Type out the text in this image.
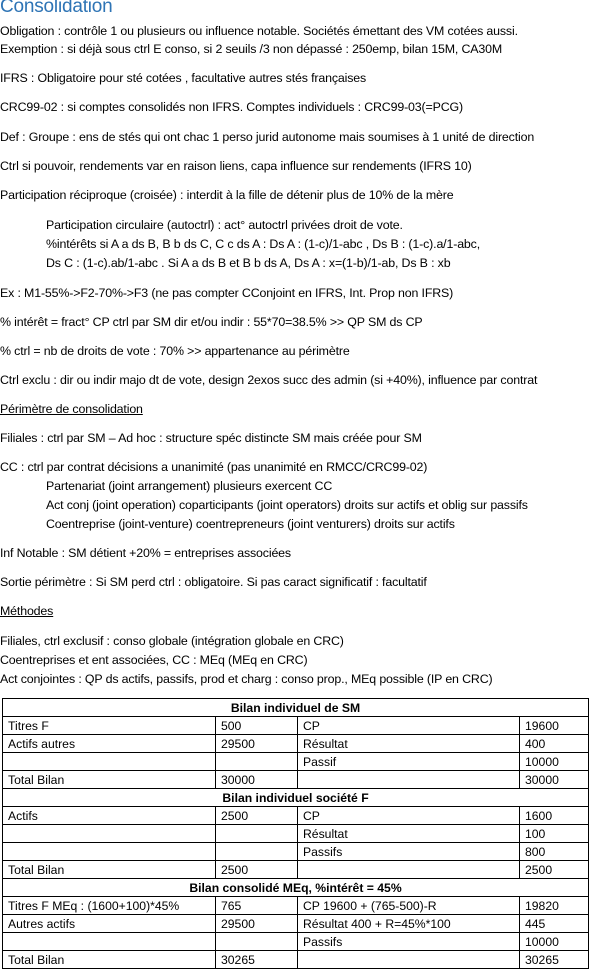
Consolidation
Obligation : contrôle 1 ou plusieurs ou influence notable. Sociétés émettant des VM cotées aussi.
Exemption : si déjà sous ctrl E conso, si 2 seuils /3 non dépassé : 250emp, bilan 15M, CA30M
IFRS : Obligatoire pour sté cotées , facultative autres stés françaises
CRC99-02 : si comptes consolidés non IFRS. Comptes individuels : CRC99-03(=PCG)
Def : Groupe : ens de stés qui ont chac 1 perso jurid autonome mais soumises à 1 unité de direction
Ctrl si pouvoir, rendements var en raison liens, capa influence sur rendements (IFRS 10)
Participation réciproque (croisée) : interdit à la fille de détenir plus de 10% de la mère
Participation circulaire (autoctrl) : act° autoctrl privées droit de vote.
%intérêts si A a ds B, B b ds C, C c ds A : Ds A : (1-c)/1-abc , Ds B : (1-c).a/1-abc,
Ds C : (1-c).ab/1-abc . Si A a ds B et B b ds A, Ds A : x=(1-b)/1-ab, Ds B : xb
Ex : M1-55%->F2-70%->F3 (ne pas compter CConjoint en IFRS, Int. Prop non IFRS)
% intérêt = fract° CP ctrl par SM dir et/ou indir : 55*70=38.5% >> QP SM ds CP
% ctrl = nb de droits de vote : 70% >> appartenance au périmètre
Ctrl exclu : dir ou indir majo dt de vote, design 2exos succ des admin (si +40%), influence par contrat
Périmètre de consolidation
Filiales : ctrl par SM – Ad hoc : structure spéc distincte SM mais créée pour SM
CC : ctrl par contrat décisions a unanimité (pas unanimité en RMCC/CRC99-02)
Partenariat (joint arrangement) plusieurs exercent CC
Act conj (joint operation) coparticipants (joint operators) droits sur actifs et oblig sur passifs
Coentreprise (joint-venture) coentrepreneurs (joint venturers) droits sur actifs
Inf Notable : SM détient +20% = entreprises associées
Sortie périmètre : Si SM perd ctrl : obligatoire. Si pas caract significatif : facultatif
Méthodes
Filiales, ctrl exclusif : conso globale (intégration globale en CRC)
Coentreprises et ent associées, CC : MEq (MEq en CRC)
Act conjointes : QP ds actifs, passifs, prod et charg : conso prop., MEq possible (IP en CRC)
Bilan individuel de SM			
Titres F	500	CP	19600
Actifs autres	29500	Résultat	400
		Passif	10000
Total Bilan	30000		30000
Bilan individuel société F			
Actifs	2500	CP	1600
		Résultat	100
		Passifs	800
Total Bilan	2500		2500
Bilan consolidé MEq, %intérêt = 45%			
Titres F MEq : (1600+100)*45%	765	CP 19600 + (765-500)-R	19820
Autres actifs	29500	Résultat 400 + R=45%*100	445
		Passifs	10000
Total Bilan	30265		30265
